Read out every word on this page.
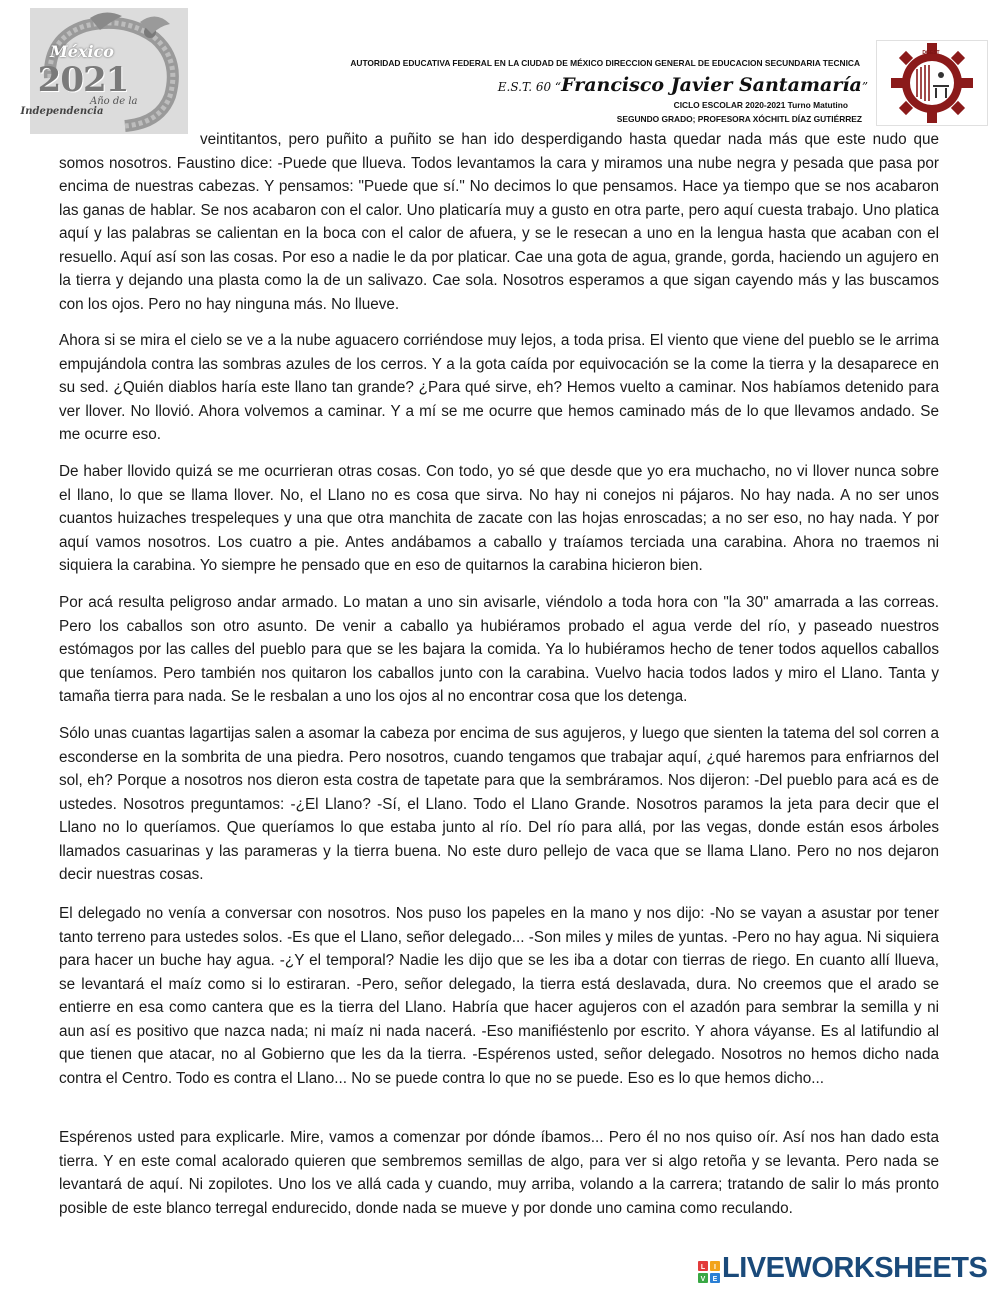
México
2021
Año de la
Independencia
AUTORIDAD EDUCATIVA FEDERAL EN LA CIUDAD DE MÉXICO DIRECCION GENERAL DE EDUCACION SECUNDARIA TECNICA
E.S.T. 60 “Francisco Javier Santamaría”
CICLO ESCOLAR 2020-2021 Turno Matutino
SEGUNDO GRADO; PROFESORA XÓCHITL DÍAZ GUTIÉRREZ
DGEST

veintitantos, pero puñito a puñito se han ido desperdigando hasta quedar nada más que este nudo que somos nosotros. Faustino dice: -Puede que llueva. Todos levantamos la cara y miramos una nube negra y pesada que pasa por encima de nuestras cabezas. Y pensamos: "Puede que sí." No decimos lo que pensamos. Hace ya tiempo que se nos acabaron las ganas de hablar. Se nos acabaron con el calor. Uno platicaría muy a gusto en otra parte, pero aquí cuesta trabajo. Uno platica aquí y las palabras se calientan en la boca con el calor de afuera, y se le resecan a uno en la lengua hasta que acaban con el resuello. Aquí así son las cosas. Por eso a nadie le da por platicar. Cae una gota de agua, grande, gorda, haciendo un agujero en la tierra y dejando una plasta como la de un salivazo. Cae sola. Nosotros esperamos a que sigan cayendo más y las buscamos con los ojos. Pero no hay ninguna más. No llueve.

Ahora si se mira el cielo se ve a la nube aguacero corriéndose muy lejos, a toda prisa. El viento que viene del pueblo se le arrima empujándola contra las sombras azules de los cerros. Y a la gota caída por equivocación se la come la tierra y la desaparece en su sed. ¿Quién diablos haría este llano tan grande? ¿Para qué sirve, eh? Hemos vuelto a caminar. Nos habíamos detenido para ver llover. No llovió. Ahora volvemos a caminar. Y a mí se me ocurre que hemos caminado más de lo que llevamos andado. Se me ocurre eso.

De haber llovido quizá se me ocurrieran otras cosas. Con todo, yo sé que desde que yo era muchacho, no vi llover nunca sobre el llano, lo que se llama llover. No, el Llano no es cosa que sirva. No hay ni conejos ni pájaros. No hay nada. A no ser unos cuantos huizaches trespeleques y una que otra manchita de zacate con las hojas enroscadas; a no ser eso, no hay nada. Y por aquí vamos nosotros. Los cuatro a pie. Antes andábamos a caballo y traíamos terciada una carabina. Ahora no traemos ni siquiera la carabina. Yo siempre he pensado que en eso de quitarnos la carabina hicieron bien.

Por acá resulta peligroso andar armado. Lo matan a uno sin avisarle, viéndolo a toda hora con "la 30" amarrada a las correas. Pero los caballos son otro asunto. De venir a caballo ya hubiéramos probado el agua verde del río, y paseado nuestros estómagos por las calles del pueblo para que se les bajara la comida. Ya lo hubiéramos hecho de tener todos aquellos caballos que teníamos. Pero también nos quitaron los caballos junto con la carabina. Vuelvo hacia todos lados y miro el Llano. Tanta y tamaña tierra para nada. Se le resbalan a uno los ojos al no encontrar cosa que los detenga.

Sólo unas cuantas lagartijas salen a asomar la cabeza por encima de sus agujeros, y luego que sienten la tatema del sol corren a esconderse en la sombrita de una piedra. Pero nosotros, cuando tengamos que trabajar aquí, ¿qué haremos para enfriarnos del sol, eh? Porque a nosotros nos dieron esta costra de tapetate para que la sembráramos. Nos dijeron: -Del pueblo para acá es de ustedes. Nosotros preguntamos: -¿El Llano? -Sí, el Llano. Todo el Llano Grande. Nosotros paramos la jeta para decir que el Llano no lo queríamos. Que queríamos lo que estaba junto al río. Del río para allá, por las vegas, donde están esos árboles llamados casuarinas y las parameras y la tierra buena. No este duro pellejo de vaca que se llama Llano. Pero no nos dejaron decir nuestras cosas.

El delegado no venía a conversar con nosotros. Nos puso los papeles en la mano y nos dijo: -No se vayan a asustar por tener tanto terreno para ustedes solos. -Es que el Llano, señor delegado... -Son miles y miles de yuntas. -Pero no hay agua. Ni siquiera para hacer un buche hay agua. -¿Y el temporal? Nadie les dijo que se les iba a dotar con tierras de riego. En cuanto allí llueva, se levantará el maíz como si lo estiraran. -Pero, señor delegado, la tierra está deslavada, dura. No creemos que el arado se entierre en esa como cantera que es la tierra del Llano. Habría que hacer agujeros con el azadón para sembrar la semilla y ni aun así es positivo que nazca nada; ni maíz ni nada nacerá. -Eso manifiéstenlo por escrito. Y ahora váyanse. Es al latifundio al que tienen que atacar, no al Gobierno que les da la tierra. -Espérenos usted, señor delegado. Nosotros no hemos dicho nada contra el Centro. Todo es contra el Llano... No se puede contra lo que no se puede. Eso es lo que hemos dicho...

Espérenos usted para explicarle. Mire, vamos a comenzar por dónde íbamos... Pero él no nos quiso oír. Así nos han dado esta tierra. Y en este comal acalorado quieren que sembremos semillas de algo, para ver si algo retoña y se levanta. Pero nada se levantará de aquí. Ni zopilotes. Uno los ve allá cada y cuando, muy arriba, volando a la carrera; tratando de salir lo más pronto posible de este blanco terregal endurecido, donde nada se mueve y por donde uno camina como reculando.

L I
V E LIVEWORKSHEETS
